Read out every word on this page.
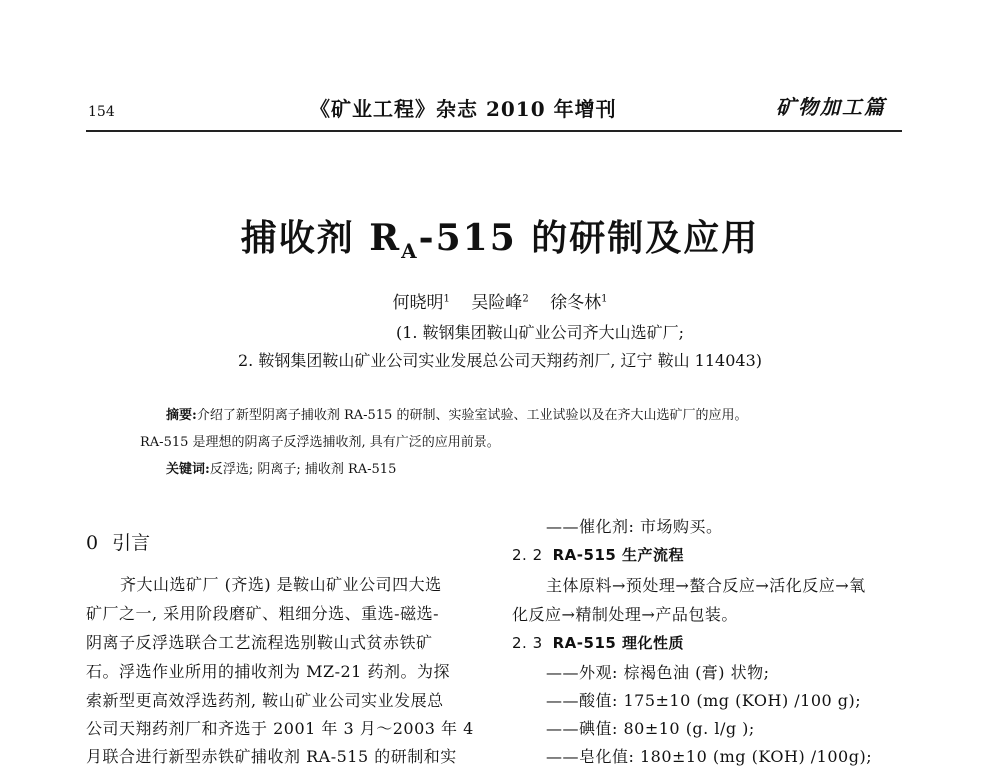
154	《矿业工程》杂志 2010 年增刊	矿物加工篇
捕收剂 $R_A-515$ 的研制及应用
何晓明$^1$ 吴险峰$^2$ 徐冬林$^1$
(1. 鞍钢集团鞍山矿业公司齐大山选矿厂;
2. 鞍钢集团鞍山矿业公司实业发展总公司天翔药剂厂, 辽宁 鞍山 114043)
摘要:介绍了新型阴离子捕收剂 RA-515 的研制、实验室试验、工业试验以及在齐大山选矿厂的应用。
RA-515 是理想的阴离子反浮选捕收剂, 具有广泛的应用前景。
关键词:反浮选; 阴离子; 捕收剂 RA-515
0 引言
齐大山选矿厂 (齐选) 是鞍山矿业公司四大选
矿厂之一, 采用阶段磨矿、粗细分选、重选-磁选-
阴离子反浮选联合工艺流程选别鞍山式贫赤铁矿
石。浮选作业所用的捕收剂为 MZ-21 药剂。为探
索新型更高效浮选药剂, 鞍山矿业公司实业发展总
公司天翔药剂厂和齐选于 2001 年 3 月～2003 年 4
月联合进行新型赤铁矿捕收剂 RA-515 的研制和实
——催化剂: 市场购买。
2. 2 RA-515 生产流程
主体原料→预处理→螯合反应→活化反应→氧
化反应→精制处理→产品包装。
2. 3 RA-515 理化性质
——外观: 棕褐色油 (膏) 状物;
——酸值: 175±10 (mg (KOH) /100 g);
——碘值: 80±10 (g. l/g );
——皂化值: 180±10 (mg (KOH) /100g);
